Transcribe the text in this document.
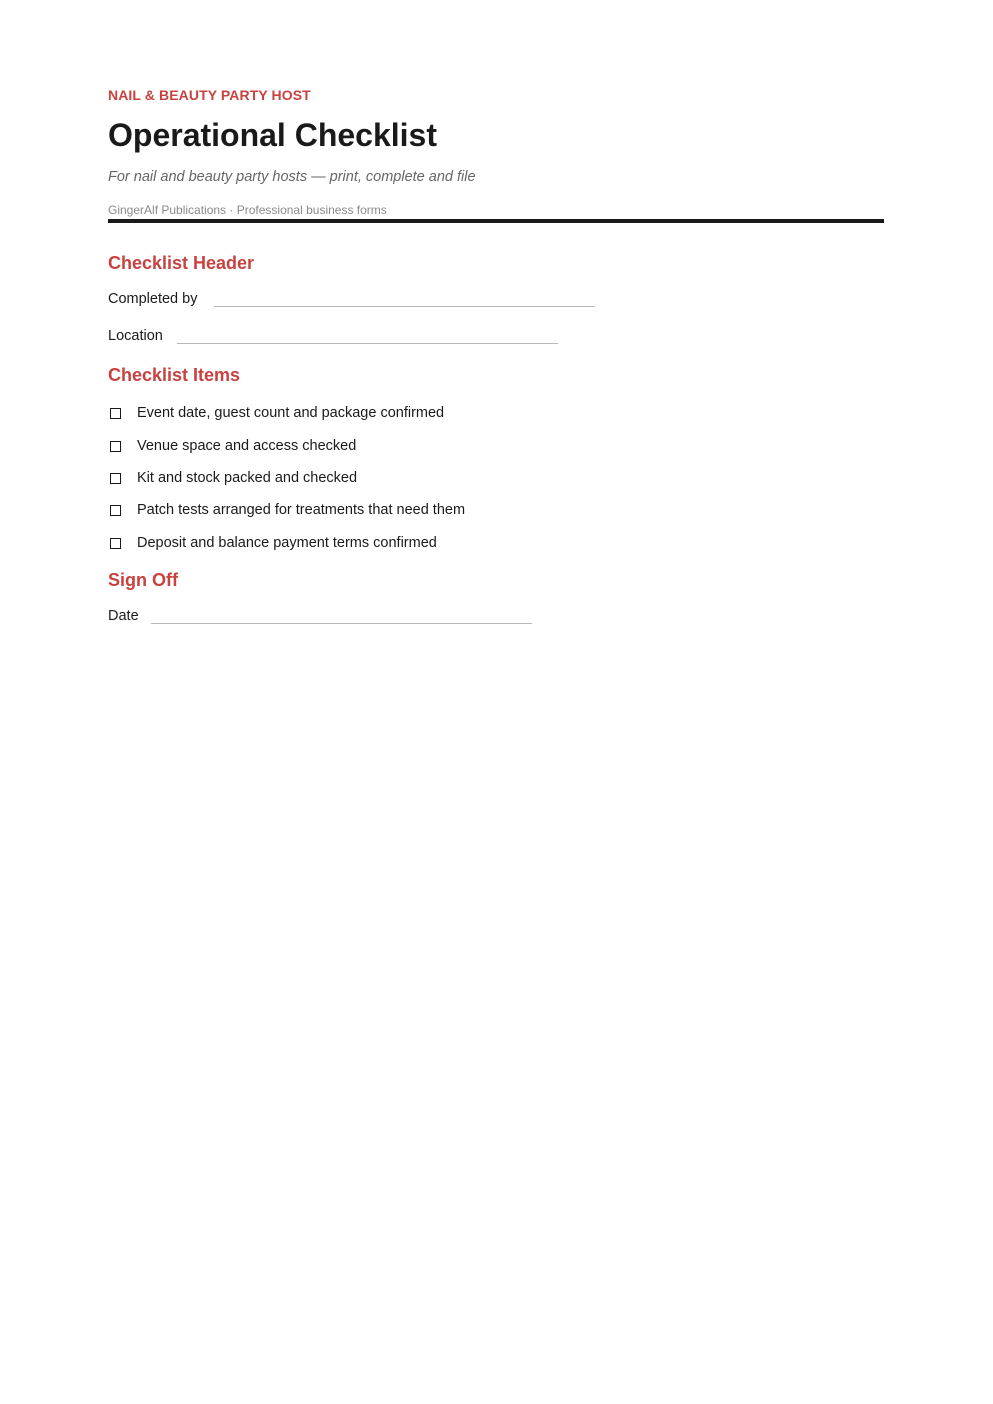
NAIL & BEAUTY PARTY HOST
Operational Checklist
For nail and beauty party hosts — print, complete and file
GingerAlf Publications · Professional business forms
Checklist Header
Completed by
Location
Checklist Items
Event date, guest count and package confirmed
Venue space and access checked
Kit and stock packed and checked
Patch tests arranged for treatments that need them
Deposit and balance payment terms confirmed
Sign Off
Date
